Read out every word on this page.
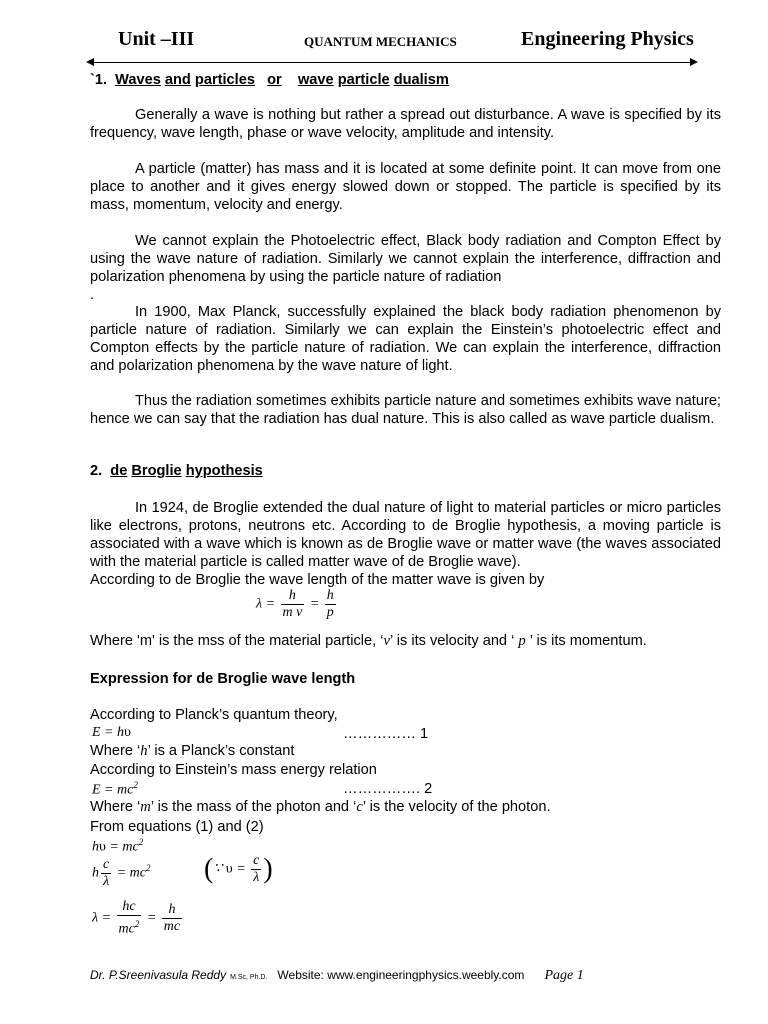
Unit –III	QUANTUM MECHANICS	Engineering Physics
`1. Waves and particles or wave particle dualism
Generally a wave is nothing but rather a spread out disturbance. A wave is specified by its frequency, wave length, phase or wave velocity, amplitude and intensity.
A particle (matter) has mass and it is located at some definite point. It can move from one place to another and it gives energy slowed down or stopped. The particle is specified by its mass, momentum, velocity and energy.
We cannot explain the Photoelectric effect, Black body radiation and Compton Effect by using the wave nature of radiation. Similarly we cannot explain the interference, diffraction and polarization phenomena by using the particle nature of radiation
.
In 1900, Max Planck, successfully explained the black body radiation phenomenon by particle nature of radiation. Similarly we can explain the Einstein’s photoelectric effect and Compton effects by the particle nature of radiation. We can explain the interference, diffraction and polarization phenomena by the wave nature of light.
Thus the radiation sometimes exhibits particle nature and sometimes exhibits wave nature; hence we can say that the radiation has dual nature. This is also called as wave particle dualism.
2. de Broglie hypothesis
In 1924, de Broglie extended the dual nature of light to material particles or micro particles like electrons, protons, neutrons etc. According to de Broglie hypothesis, a moving particle is associated with a wave which is known as de Broglie wave or matter wave (the waves associated with the material particle is called matter wave of de Broglie wave).
According to de Broglie the wave length of the matter wave is given by
$\lambda = \frac{h}{\text{m v}} = \frac{h}{p}$
Where 'm' is the mss of the material particle, ‘v’ is its velocity and ‘ p ’ is its momentum.
Expression for de Broglie wave length
According to Planck’s quantum theory,
E = hυ	…………… 1
Where ‘h’ is a Planck’s constant
According to Einstein’s mass energy relation
$E = mc^2$	……………. 2
Where ‘m’ is the mass of the photon and ‘c’ is the velocity of the photon.
From equations (1) and (2)
$h\upsilon = mc^2$
h $\frac{c}{\lambda} = mc^2$ (∵ $\upsilon = \frac{c}{\lambda}$ )
$\lambda = \frac{hc}{mc^2} = \frac{h}{mc}$
Dr. P.Sreenivasula Reddy M.Sc, Ph.D. Website: www.engineeringphysics.weebly.com Page 1
